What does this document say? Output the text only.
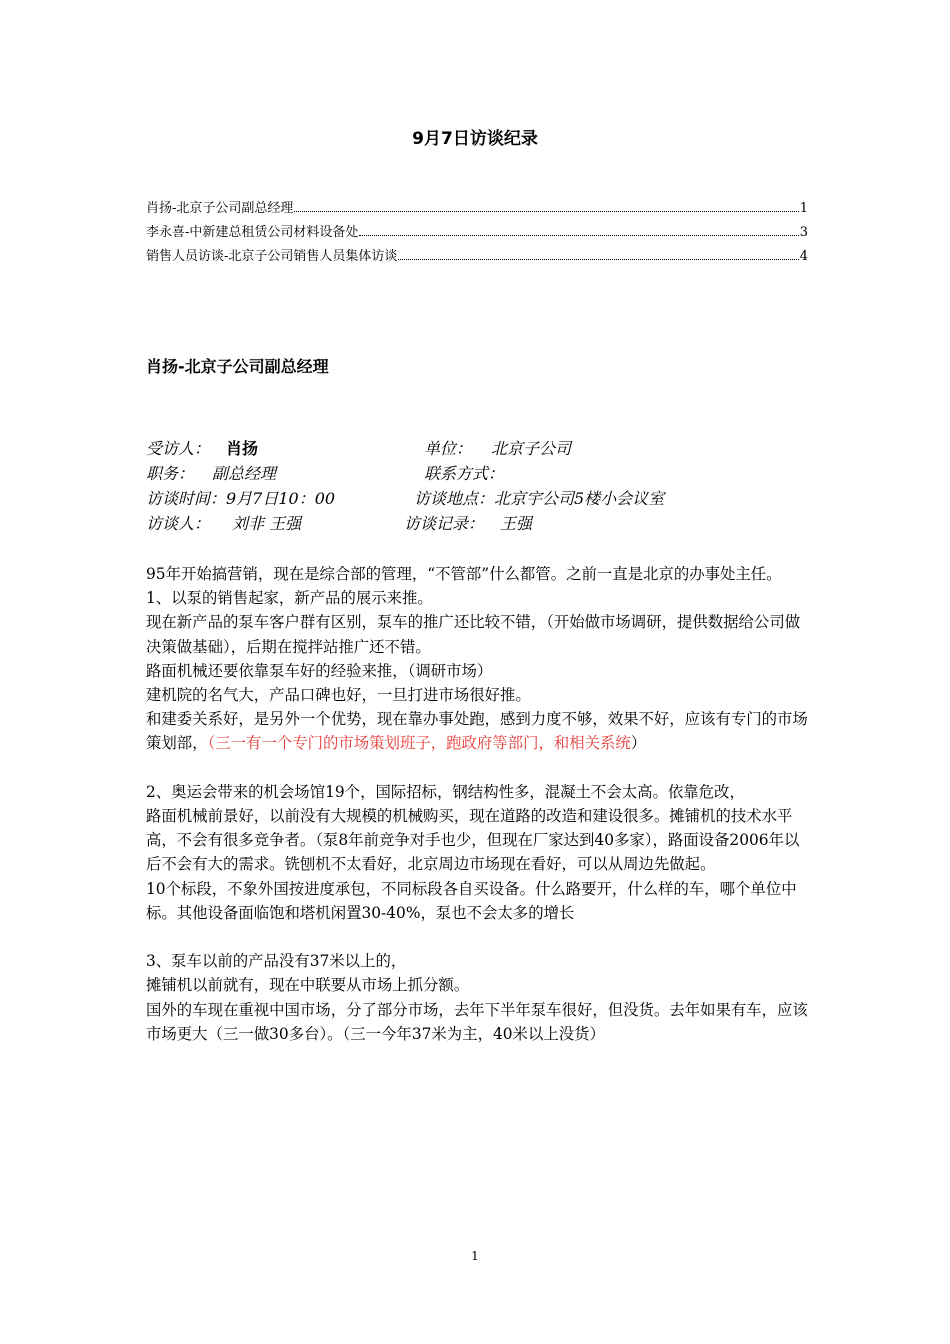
9月7日访谈纪录
肖扬-北京子公司副总经理	1
李永喜-中新建总租赁公司材料设备处	3
销售人员访谈-北京子公司销售人员集体访谈	4
肖扬-北京子公司副总经理
受访人： 肖扬	单位： 北京子公司
职务： 副总经理	联系方式：
访谈时间： 9月7日10：00	访谈地点： 北京宇公司5楼小会议室
访谈人： 刘非 王强	访谈记录： 王强

95年开始搞营销，现在是综合部的管理，“不管部”什么都管。之前一直是北京的办事处主任。

1、以泵的销售起家，新产品的展示来推。

现在新产品的泵车客户群有区别，泵车的推广还比较不错，（开始做市场调研，提供数据给公司做决策做基础），后期在搅拌站推广还不错。

路面机械还要依靠泵车好的经验来推，（调研市场）

建机院的名气大，产品口碑也好，一旦打进市场很好推。

和建委关系好，是另外一个优势，现在靠办事处跑，感到力度不够，效果不好，应该有专门的市场策划部，（三一有一个专门的市场策划班子，跑政府等部门，和相关系统）

2、奥运会带来的机会场馆19个，国际招标，钢结构性多，混凝土不会太高。依靠危改，

路面机械前景好，以前没有大规模的机械购买，现在道路的改造和建设很多。摊铺机的技术水平高，不会有很多竞争者。（泵8年前竞争对手也少，但现在厂家达到40多家），路面设备2006年以后不会有大的需求。铣刨机不太看好，北京周边市场现在看好，可以从周边先做起。

10个标段，不象外国按进度承包，不同标段各自买设备。什么路要开，什么样的车，哪个单位中标。其他设备面临饱和塔机闲置30-40%，泵也不会太多的增长

3、泵车以前的产品没有37米以上的，

摊铺机以前就有，现在中联要从市场上抓分额。

国外的车现在重视中国市场，分了部分市场，去年下半年泵车很好，但没货。去年如果有车，应该市场更大（三一做30多台）。（三一今年37米为主，40米以上没货）

1
